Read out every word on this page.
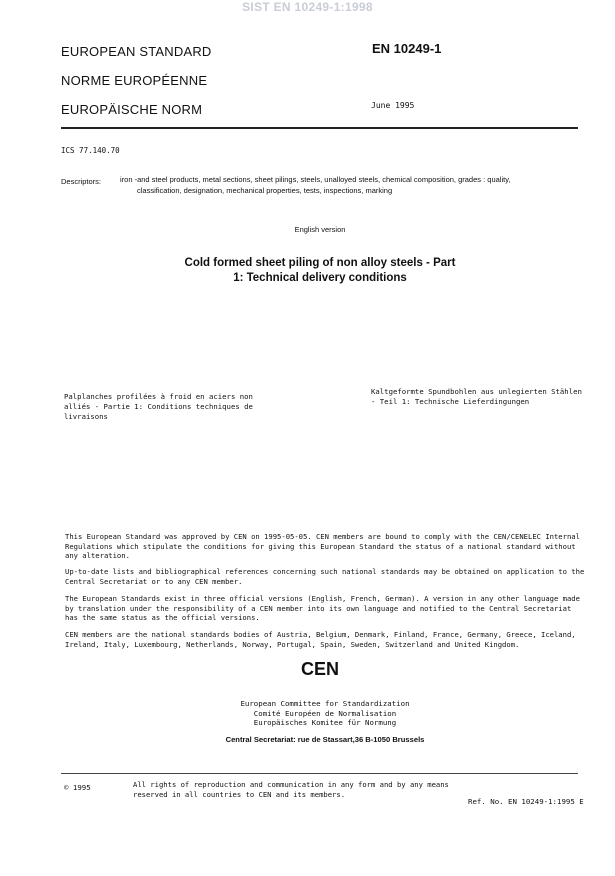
SIST EN 10249-1:1998
EUROPEAN STANDARD
NORME EUROPÉENNE
EUROPÄISCHE NORM
EN 10249-1
June 1995
ICS 77.140.70
Descriptors:	iron -and steel products, metal sections, sheet pilings, steels, unalloyed steels, chemical composition, grades : quality,
classification, designation, mechanical properties, tests, inspections, marking
English version
Cold formed sheet piling of non alloy steels - Part
1: Technical delivery conditions
Palplanches profilées à froid en aciers non alliés - Partie 1: Conditions techniques de livraisons
Kaltgeformte Spundbohlen aus unlegierten Stählen - Teil 1: Technische Lieferdingungen
This European Standard was approved by CEN on 1995-05-05. CEN members are bound to comply with the CEN/CENELEC Internal Regulations which stipulate the conditions for giving this European Standard the status of a national standard without any alteration.
Up-to-date lists and bibliographical references concerning such national standards may be obtained on application to the Central Secretariat or to any CEN member.
The European Standards exist in three official versions (English, French, German). A version in any other language made by translation under the responsibility of a CEN member into its own language and notified to the Central Secretariat has the same status as the official versions.
CEN members are the national standards bodies of Austria, Belgium, Denmark, Finland, France, Germany, Greece, Iceland, Ireland, Italy, Luxembourg, Netherlands, Norway, Portugal, Spain, Sweden, Switzerland and United Kingdom.
CEN
European Committee for Standardization
Comité Européen de Normalisation
Europäisches Komitee für Normung
Central Secretariat: rue de Stassart,36 B-1050 Brussels
© 1995	All rights of reproduction and communication in any form and by any means reserved in all countries to CEN and its members.
Ref. No. EN 10249-1:1995 E
